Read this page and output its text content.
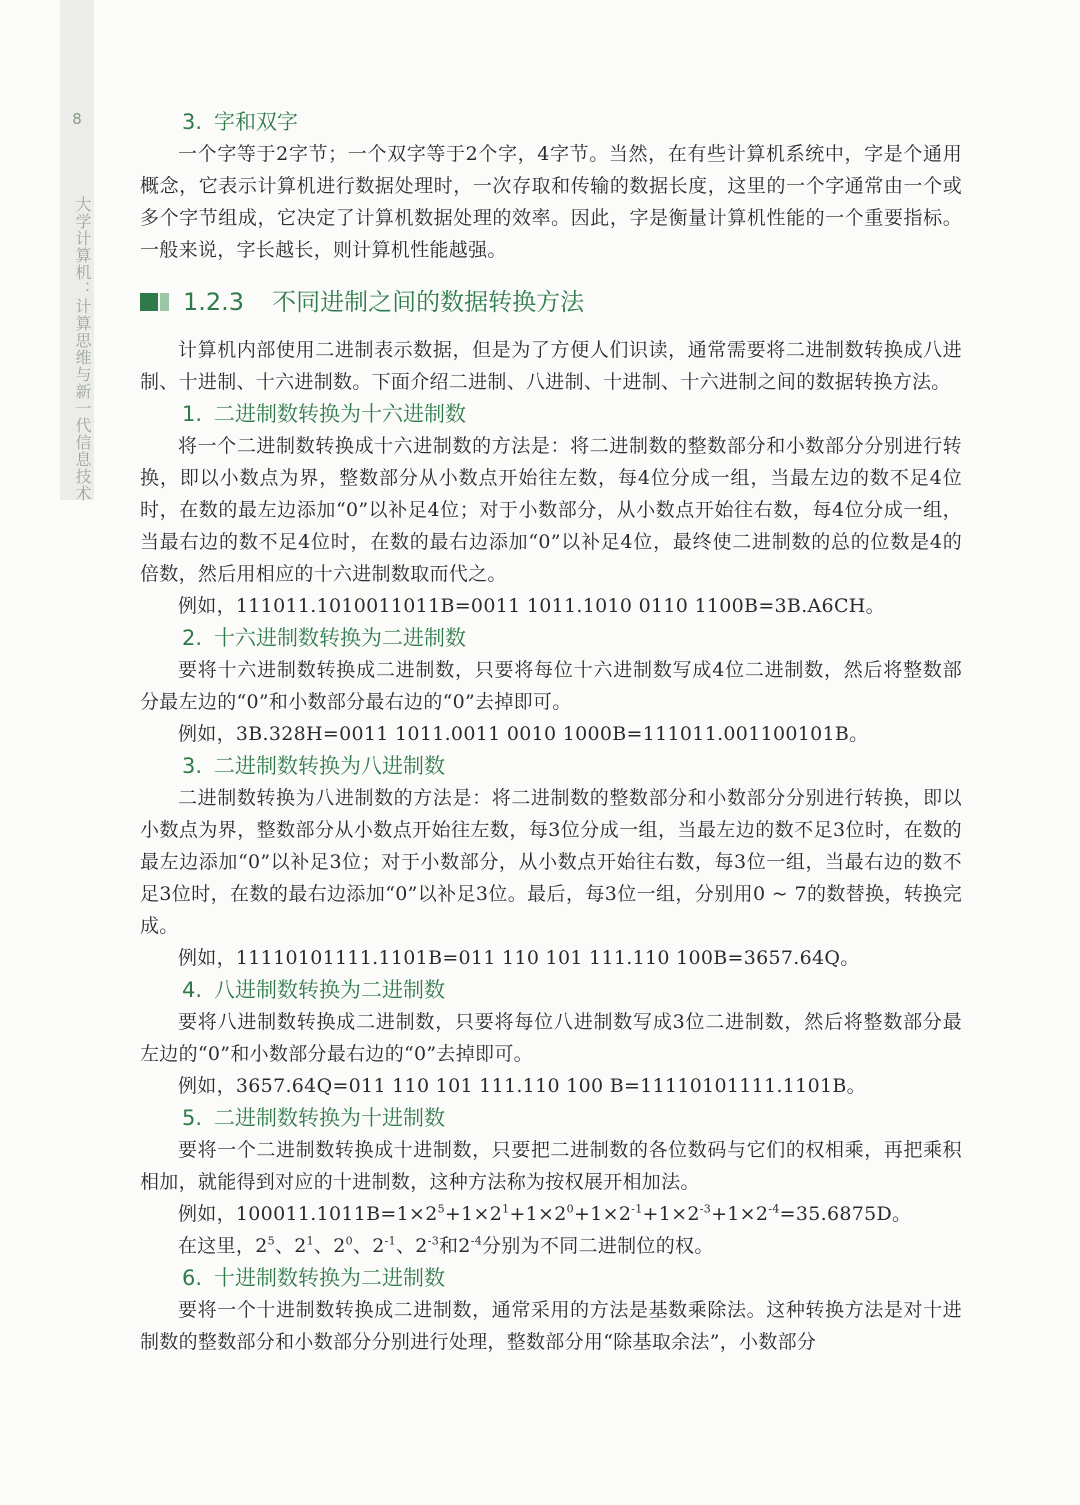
8
大学计算机：计算思维与新一代信息技术
3. 字和双字

一个字等于2字节；一个双字等于2个字，4字节。当然，在有些计算机系统中，字是个通用概念，它表示计算机进行数据处理时，一次存取和传输的数据长度，这里的一个字通常由一个或多个字节组成，它决定了计算机数据处理的效率。因此，字是衡量计算机性能的一个重要指标。一般来说，字长越长，则计算机性能越强。

1.2.3 不同进制之间的数据转换方法

计算机内部使用二进制表示数据，但是为了方便人们识读，通常需要将二进制数转换成八进制、十进制、十六进制数。下面介绍二进制、八进制、十进制、十六进制之间的数据转换方法。

1. 二进制数转换为十六进制数

将一个二进制数转换成十六进制数的方法是：将二进制数的整数部分和小数部分分别进行转换，即以小数点为界，整数部分从小数点开始往左数，每4位分成一组，当最左边的数不足4位时，在数的最左边添加“0”以补足4位；对于小数部分，从小数点开始往右数，每4位分成一组，当最右边的数不足4位时，在数的最右边添加“0”以补足4位，最终使二进制数的总的位数是4的倍数，然后用相应的十六进制数取而代之。

例如，111011.1010011011B=0011 1011.1010 0110 1100B=3B.A6CH。

2. 十六进制数转换为二进制数

要将十六进制数转换成二进制数，只要将每位十六进制数写成4位二进制数，然后将整数部分最左边的“0”和小数部分最右边的“0”去掉即可。

例如，3B.328H=0011 1011.0011 0010 1000B=111011.001100101B。

3. 二进制数转换为八进制数

二进制数转换为八进制数的方法是：将二进制数的整数部分和小数部分分别进行转换，即以小数点为界，整数部分从小数点开始往左数，每3位分成一组，当最左边的数不足3位时，在数的最左边添加“0”以补足3位；对于小数部分，从小数点开始往右数，每3位一组，当最右边的数不足3位时，在数的最右边添加“0”以补足3位。最后，每3位一组，分别用0 ~ 7的数替换，转换完成。

例如，11110101111.1101B=011 110 101 111.110 100B=3657.64Q。

4. 八进制数转换为二进制数

要将八进制数转换成二进制数，只要将每位八进制数写成3位二进制数，然后将整数部分最左边的“0”和小数部分最右边的“0”去掉即可。

例如，3657.64Q=011 110 101 111.110 100 B=11110101111.1101B。

5. 二进制数转换为十进制数

要将一个二进制数转换成十进制数，只要把二进制数的各位数码与它们的权相乘，再把乘积相加，就能得到对应的十进制数，这种方法称为按权展开相加法。

例如，$100011.1011B=1\times 2^5+1\times 2^1+1\times 2^0+1\times 2^{-1}+1\times 2^{-3}+1\times 2^{-4}=35.6875D$。

在这里，$2^5$、$2^1$、$2^0$、$2^{-1}$、$2^{-3}$和$2^{-4}$分别为不同二进制位的权。

6. 十进制数转换为二进制数

要将一个十进制数转换成二进制数，通常采用的方法是基数乘除法。这种转换方法是对十进制数的整数部分和小数部分分别进行处理，整数部分用“除基取余法”，小数部分
